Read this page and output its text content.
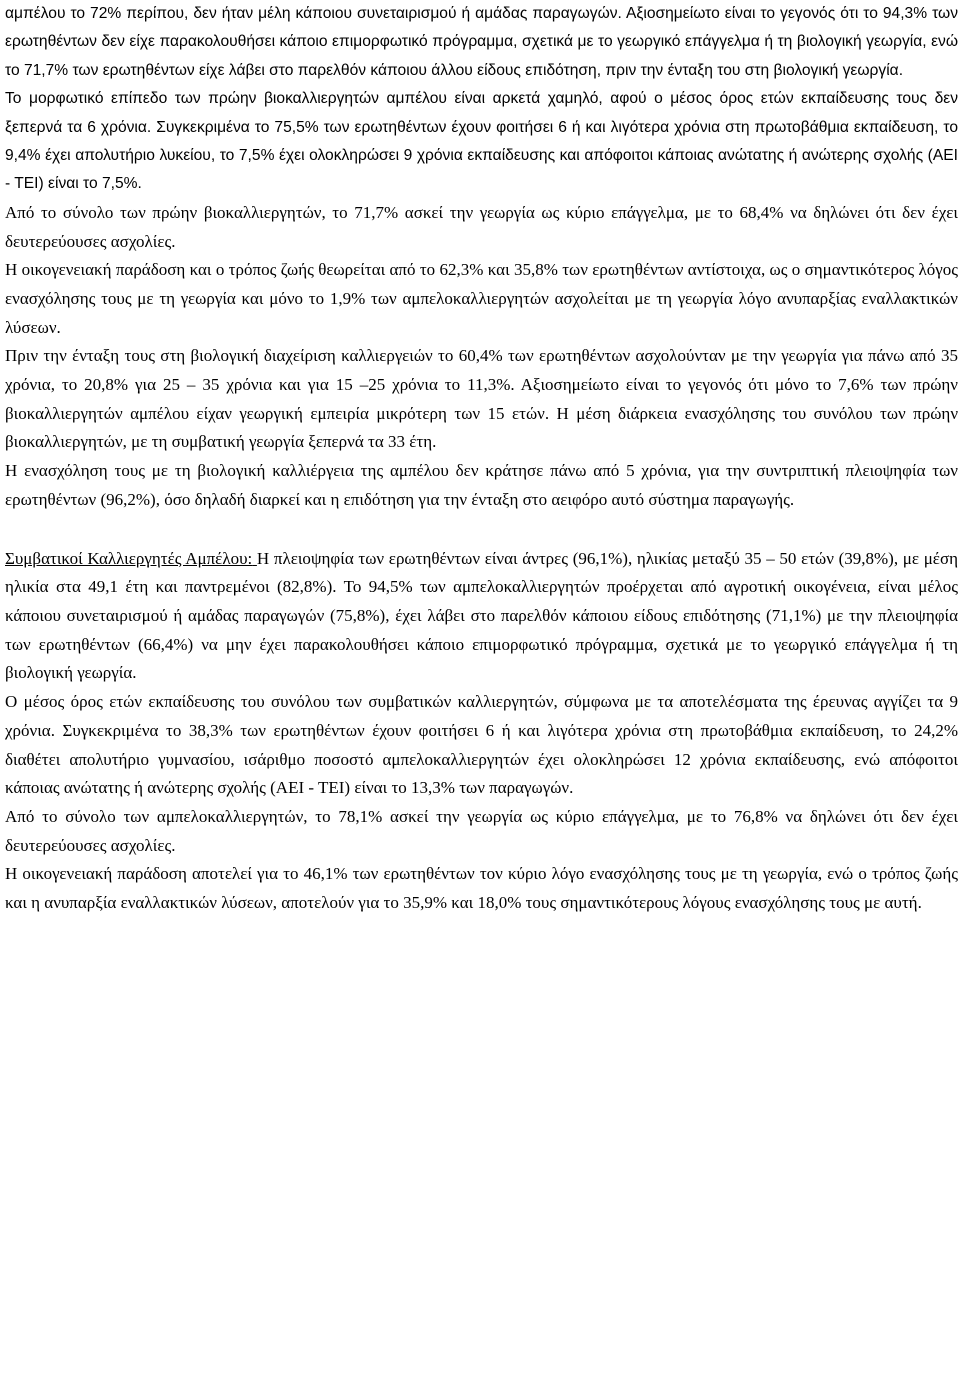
αμπέλου το 72% περίπου, δεν ήταν μέλη κάποιου συνεταιρισμού ή αμάδας παραγωγών. Αξιοσημείωτο είναι το γεγονός ότι το 94,3% των ερωτηθέντων δεν είχε παρακολουθήσει κάποιο επιμορφωτικό πρόγραμμα, σχετικά με το γεωργικό επάγγελμα ή τη βιολογική γεωργία, ενώ το 71,7% των ερωτηθέντων είχε λάβει στο παρελθόν κάποιου άλλου είδους επιδότηση, πριν την ένταξη του στη βιολογική γεωργία.

Το μορφωτικό επίπεδο των πρώην βιοκαλλιεργητών αμπέλου είναι αρκετά χαμηλό, αφού ο μέσος όρος ετών εκπαίδευσης τους δεν ξεπερνά τα 6 χρόνια. Συγκεκριμένα το 75,5% των ερωτηθέντων έχουν φοιτήσει 6 ή και λιγότερα χρόνια στη πρωτοβάθμια εκπαίδευση, το 9,4% έχει απολυτήριο λυκείου, το 7,5% έχει ολοκληρώσει 9 χρόνια εκπαίδευσης και απόφοιτοι κάποιας ανώτατης ή ανώτερης σχολής (ΑΕΙ - ΤΕΙ) είναι το 7,5%.

Από το σύνολο των πρώην βιοκαλλιεργητών, το 71,7% ασκεί την γεωργία ως κύριο επάγγελμα, με το 68,4% να δηλώνει ότι δεν έχει δευτερεύουσες ασχολίες.

Η οικογενειακή παράδοση και ο τρόπος ζωής θεωρείται από το 62,3% και 35,8% των ερωτηθέντων αντίστοιχα, ως ο σημαντικότερος λόγος ενασχόλησης τους με τη γεωργία και μόνο το 1,9% των αμπελοκαλλιεργητών ασχολείται με τη γεωργία λόγο ανυπαρξίας εναλλακτικών λύσεων.

Πριν την ένταξη τους στη βιολογική διαχείριση καλλιεργειών το 60,4% των ερωτηθέντων ασχολούνταν με την γεωργία για πάνω από 35 χρόνια, το 20,8% για 25 – 35 χρόνια και για 15 –25 χρόνια το 11,3%. Αξιοσημείωτο είναι το γεγονός ότι μόνο το 7,6% των πρώην βιοκαλλιεργητών αμπέλου είχαν γεωργική εμπειρία μικρότερη των 15 ετών. Η μέση διάρκεια ενασχόλησης του συνόλου των πρώην βιοκαλλιεργητών, με τη συμβατική γεωργία ξεπερνά τα 33 έτη.

Η ενασχόληση τους με τη βιολογική καλλιέργεια της αμπέλου δεν κράτησε πάνω από 5 χρόνια, για την συντριπτική πλειοψηφία των ερωτηθέντων (96,2%), όσο δηλαδή διαρκεί και η επιδότηση για την ένταξη στο αειφόρο αυτό σύστημα παραγωγής.

Συμβατικοί Καλλιεργητές Αμπέλου: Η πλειοψηφία των ερωτηθέντων είναι άντρες (96,1%), ηλικίας μεταξύ 35 – 50 ετών (39,8%), με μέση ηλικία στα 49,1 έτη και παντρεμένοι (82,8%). Το 94,5% των αμπελοκαλλιεργητών προέρχεται από αγροτική οικογένεια, είναι μέλος κάποιου συνεταιρισμού ή αμάδας παραγωγών (75,8%), έχει λάβει στο παρελθόν κάποιου είδους επιδότησης (71,1%) με την πλειοψηφία των ερωτηθέντων (66,4%) να μην έχει παρακολουθήσει κάποιο επιμορφωτικό πρόγραμμα, σχετικά με το γεωργικό επάγγελμα ή τη βιολογική γεωργία.

Ο μέσος όρος ετών εκπαίδευσης του συνόλου των συμβατικών καλλιεργητών, σύμφωνα με τα αποτελέσματα της έρευνας αγγίζει τα 9 χρόνια. Συγκεκριμένα το 38,3% των ερωτηθέντων έχουν φοιτήσει 6 ή και λιγότερα χρόνια στη πρωτοβάθμια εκπαίδευση, το 24,2% διαθέτει απολυτήριο γυμνασίου, ισάριθμο ποσοστό αμπελοκαλλιεργητών έχει ολοκληρώσει 12 χρόνια εκπαίδευσης, ενώ απόφοιτοι κάποιας ανώτατης ή ανώτερης σχολής (ΑΕΙ - ΤΕΙ) είναι το 13,3% των παραγωγών.

Από το σύνολο των αμπελοκαλλιεργητών, το 78,1% ασκεί την γεωργία ως κύριο επάγγελμα, με το 76,8% να δηλώνει ότι δεν έχει δευτερεύουσες ασχολίες.

Η οικογενειακή παράδοση αποτελεί για το 46,1% των ερωτηθέντων τον κύριο λόγο ενασχόλησης τους με τη γεωργία, ενώ ο τρόπος ζωής και η ανυπαρξία εναλλακτικών λύσεων, αποτελούν για το 35,9% και 18,0% τους σημαντικότερους λόγους ενασχόλησης τους με αυτή.
